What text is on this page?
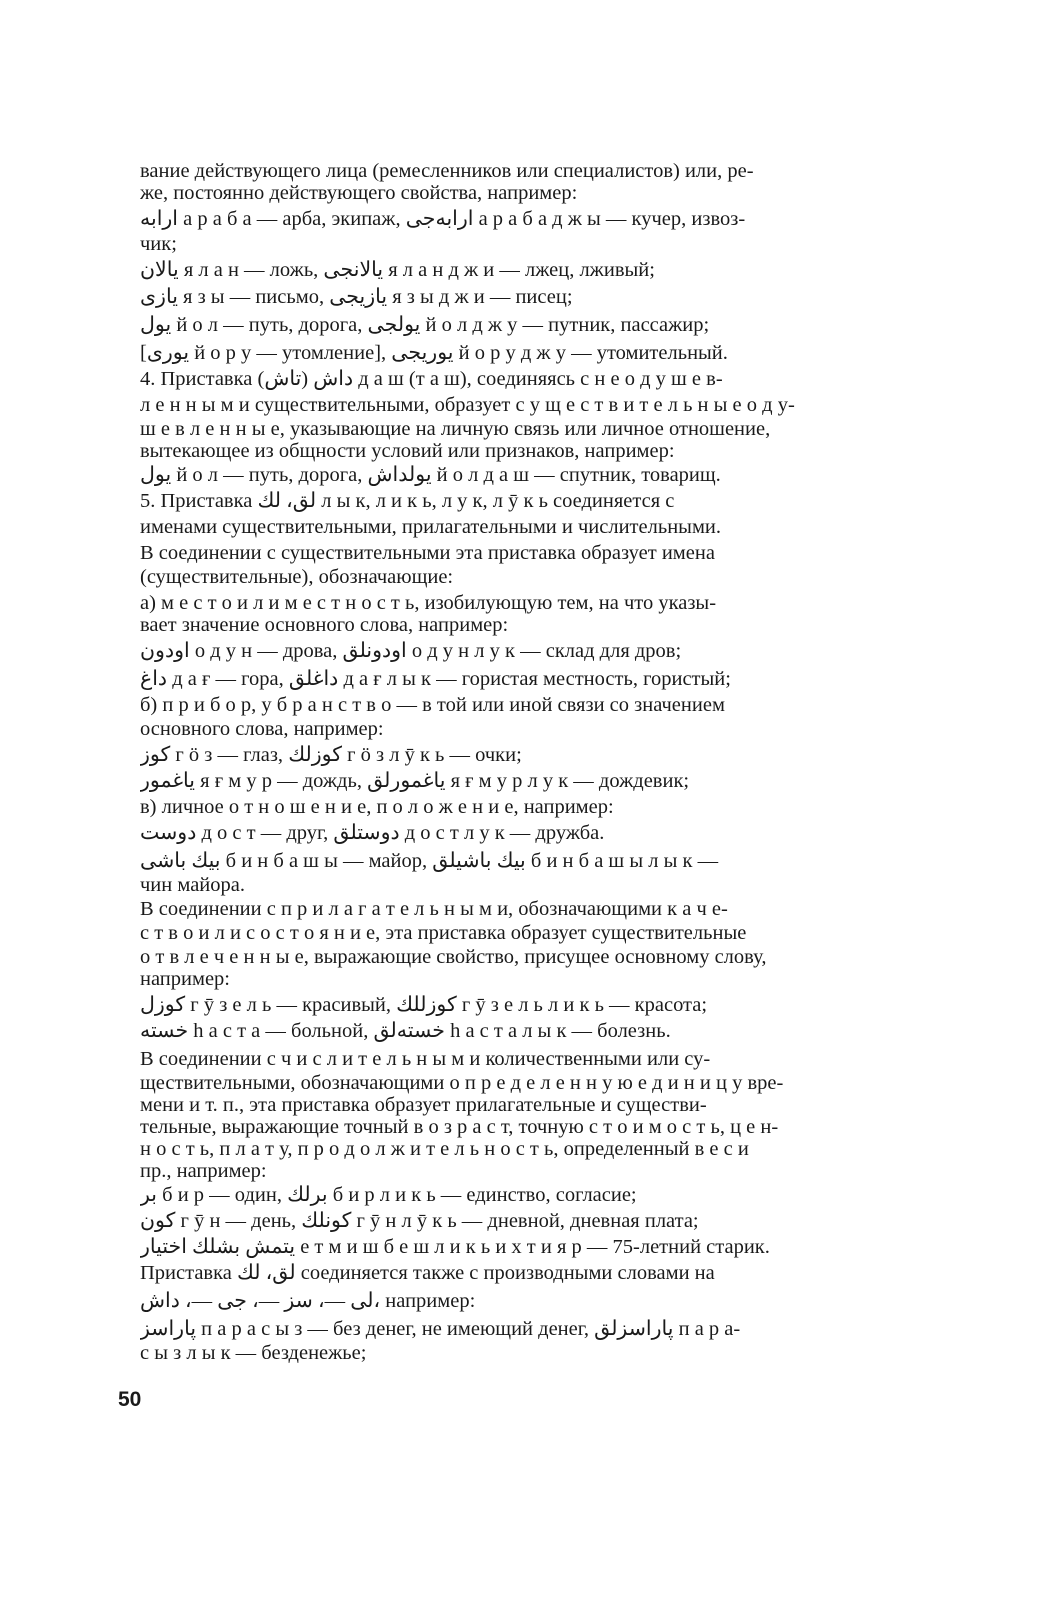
вание действующего лица (ремесленников или специалистов) или, ре-
же, постоянно действующего свойства, например:
ارابه а р а б а — арба, экипаж, ارابه‌جی а р а б а д ж ы — кучер, извоз-
чик;
یالان я л а н — ложь, یالانجی я л а н д ж и — лжец, лживый;
یازی я з ы — письмо, یازیجی я з ы д ж и — писец;
یول й о л — путь, дорога, یولجی й о л д ж у — путник, пассажир;
[یوری й о р у — утомление], یوریجی й о р у д ж у — утомительный.
4. Приставка داش (تاش) д а ш (т а ш), соединяясь с н е о д у ш е в-
л е н н ы м и существительными, образует с у щ е с т в и т е л ь н ы е о д у-
ш е в л е н н ы е, указывающие на личную связь или личное отношение,
вытекающее из общности условий или признаков, например:
یول й о л — путь, дорога, یولداش й о л д а ш — спутник, товарищ.
5. Приставка لق، لك л ы к, л и к ь, л у к, л ӯ к ь соединяется с
именами существительными, прилагательными и числительными.
В соединении с существительными эта приставка образует имена
(существительные), обозначающие:
а) м е с т о и л и м е с т н о с т ь, изобилующую тем, на что указы-
вает значение основного слова, например:
اودون о д у н — дрова, اودونلق о д у н л у к — склад для дров;
داغ д а ғ — гора, داغلق д а ғ л ы к — гористая местность, гористый;
б) п р и б о р, у б р а н с т в о — в той или иной связи со значением
основного слова, например:
کوز г ӧ з — глаз, کوزلك г ӧ з л ӯ к ь — очки;
یاغمور я ғ м у р — дождь, یاغمورلق я ғ м у р л у к — дождевик;
в) личное о т н о ш е н и е, п о л о ж е н и е, например:
دوست д о с т — друг, دوستلق д о с т л у к — дружба.
بیك باشی б и н б а ш ы — майор, بیك باشیلق б и н б а ш ы л ы к —
чин майора.
В соединении с п р и л а г а т е л ь н ы м и, обозначающими к а ч е-
с т в о и л и с о с т о я н и е, эта приставка образует существительные
о т в л е ч е н н ы е, выражающие свойство, присущее основному слову,
например:
کوزل г ӯ з е л ь — красивый, کوزللك г ӯ з е л ь л и к ь — красота;
خسته һ а с т а — больной, خسته‌لق һ а с т а л ы к — болезнь.
В соединении с ч и с л и т е л ь н ы м и количественными или су-
ществительными, обозначающими о п р е д е л е н н у ю е д и н и ц у вре-
мени и т. п., эта приставка образует прилагательные и существи-
тельные, выражающие точный в о з р а с т, точную с т о и м о с т ь, ц е н-
н о с т ь, п л а т у, п р о д о л ж и т е л ь н о с т ь, определенный в е с и
пр., например:
بر б и р — один, برلك б и р л и к ь — единство, согласие;
کون г ӯ н — день, کونلك г ӯ н л ӯ к ь — дневной, дневная плата;
یتمش بشلك اختیار е т м и ш б е ш л и к ь и х т и я р — 75-летний старик.
Приставка لق، لك соединяется также с производными словами на
لی —، سز —، جی —، داش، например:
پاراسز п а р а с ы з — без денег, не имеющий денег, پاراسزلق п а р а-
с ы з л ы к — безденежье;
50
